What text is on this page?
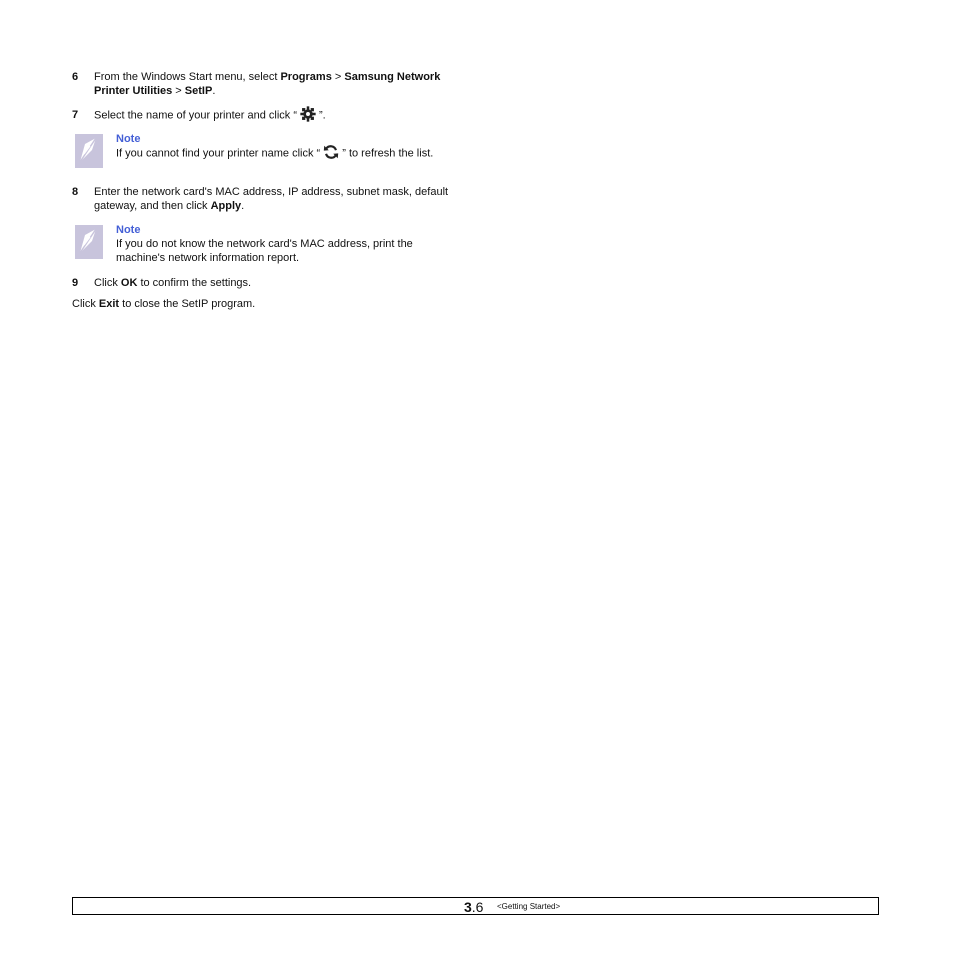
6 From the Windows Start menu, select Programs > Samsung Network Printer Utilities > SetIP.
7 Select the name of your printer and click “ ”.
Note
If you cannot find your printer name click “ ” to refresh the list.
8 Enter the network card's MAC address, IP address, subnet mask, default gateway, and then click Apply.
Note
If you do not know the network card's MAC address, print the machine's network information report.
9 Click OK to confirm the settings.
Click Exit to close the SetIP program.
3.6 <Getting Started>
